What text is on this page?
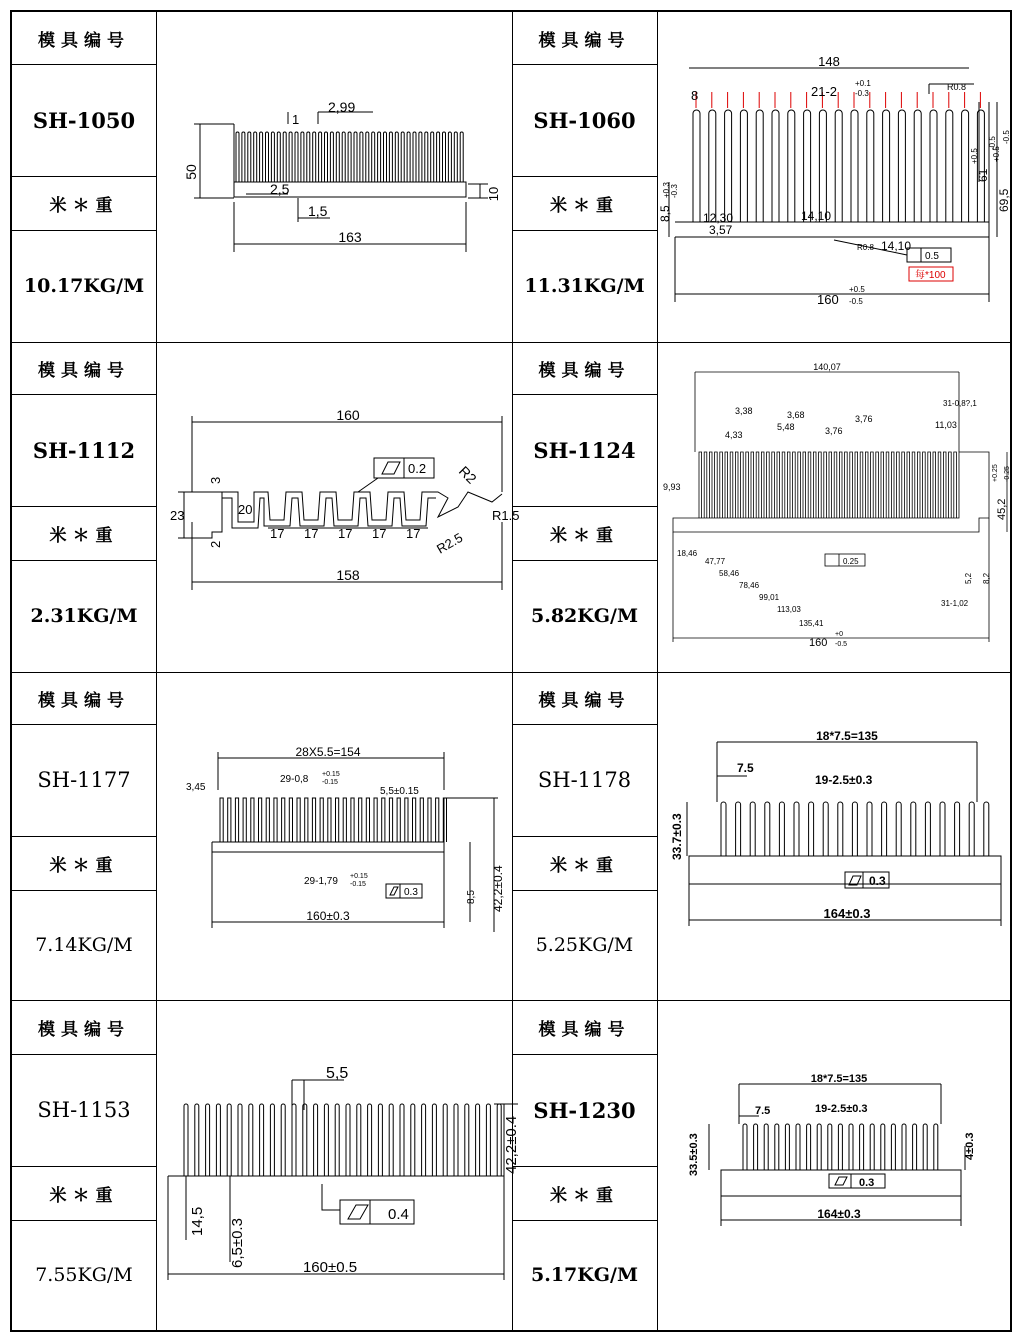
模具编号
SH-1050
米＊重
10.17KG/M
模具编号
SH-1060
米＊重
11.31KG/M
1
2,99
50
2,5
1,5
10
163
148
8	21-2
+0.1
-0.3
R0.8
61
+0.5
-0.5
69,5
+0.5
-0.5
8,5
+0.3 -0.3
12,30
3,57
14,10
R0.8 14,10
0.5
每*100
160
+0.5
-0.5
模具编号
SH-1112
米＊重
2.31KG/M
模具编号
SH-1124
米＊重
5.82KG/M
160
0.2 R2
3
23	20
17 17 17 17 17 R2.5
R1.5
2
158
140,07
31-0,8?,1
3,38	3,68
5,48
3,76
3,76
4,33
11,03
9,93
45,2
+0.25 -0.25
18,46
47,77	0.25
58,46
78,46
99,01
113,03
135,41
5,2 8,2
31-1,02
160
+0
-0.5
模具编号
SH-1177
米＊重
7.14KG/M
模具编号
SH-1178
米＊重
5.25KG/M
28X5.5=154
3,45
29-0,8 +0.15
-0.15
5,5±0.15
29-1,79 +0.15
-0.15
0.3	8,5 42,2±0.4
160±0.3
18*7.5=135
7.5
19-2.5±0.3
33.7±0.3
0.3
164±0.3
模具编号
SH-1153
米＊重
7.55KG/M
模具编号
SH-1230
米＊重
5.17KG/M
5,5
42,2±0.4
14,5 6,5±0.3
0.4
160±0.5
18*7.5=135
7.5	19-2.5±0.3
33.5±0.3	4±0.3
0.3
164±0.3
